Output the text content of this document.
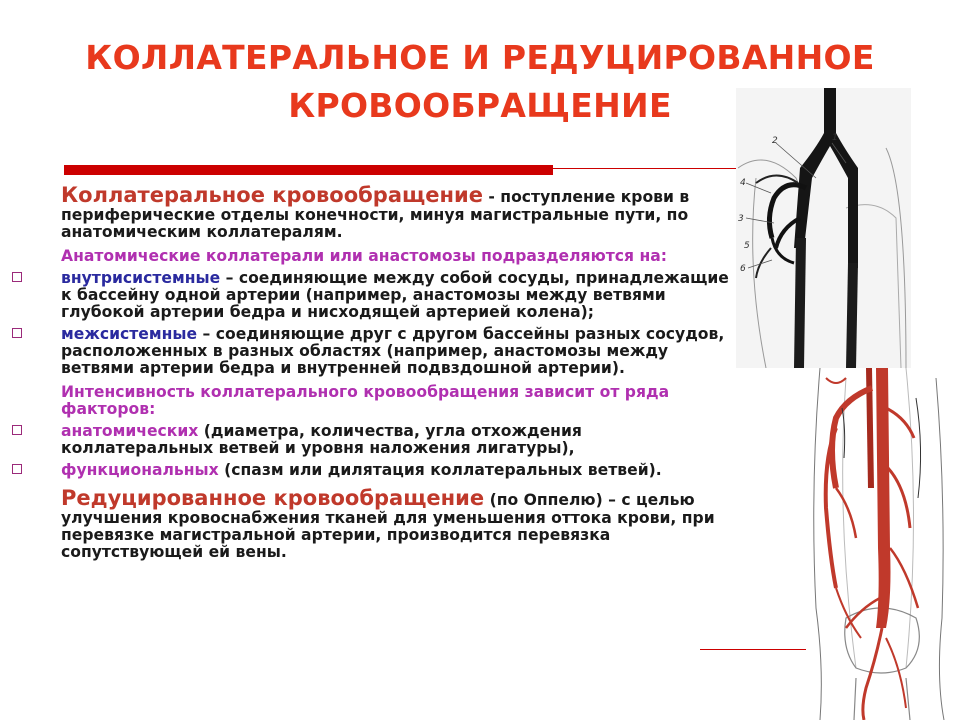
КОЛЛАТЕРАЛЬНОЕ И РЕДУЦИРОВАННОЕ
КРОВООБРАЩЕНИЕ
1
2
3
4
5
6

Коллатеральное кровообращение - поступление крови в периферические отделы конечности, минуя магистральные пути, по анатомическим коллатералям.

Анатомические коллатерали или анастомозы подразделяются на:

внутрисистемные – соединяющие между собой сосуды, принадлежащие к бассейну одной артерии (например, анастомозы между ветвями глубокой артерии бедра и нисходящей артерией колена);

межсистемные – соединяющие друг с другом бассейны разных сосудов, расположенных в разных областях (например, анастомозы между ветвями артерии бедра и внутренней подвздошной артерии).

Интенсивность коллатерального кровообращения зависит от ряда факторов:

анатомических (диаметра, количества, угла отхождения коллатеральных ветвей и уровня наложения лигатуры),

функциональных (спазм или дилятация коллатеральных ветвей).

Редуцированное кровообращение (по Оппелю) – с целью улучшения кровоснабжения тканей для уменьшения оттока крови, при перевязке магистральной артерии, производится перевязка сопутствующей ей вены.
